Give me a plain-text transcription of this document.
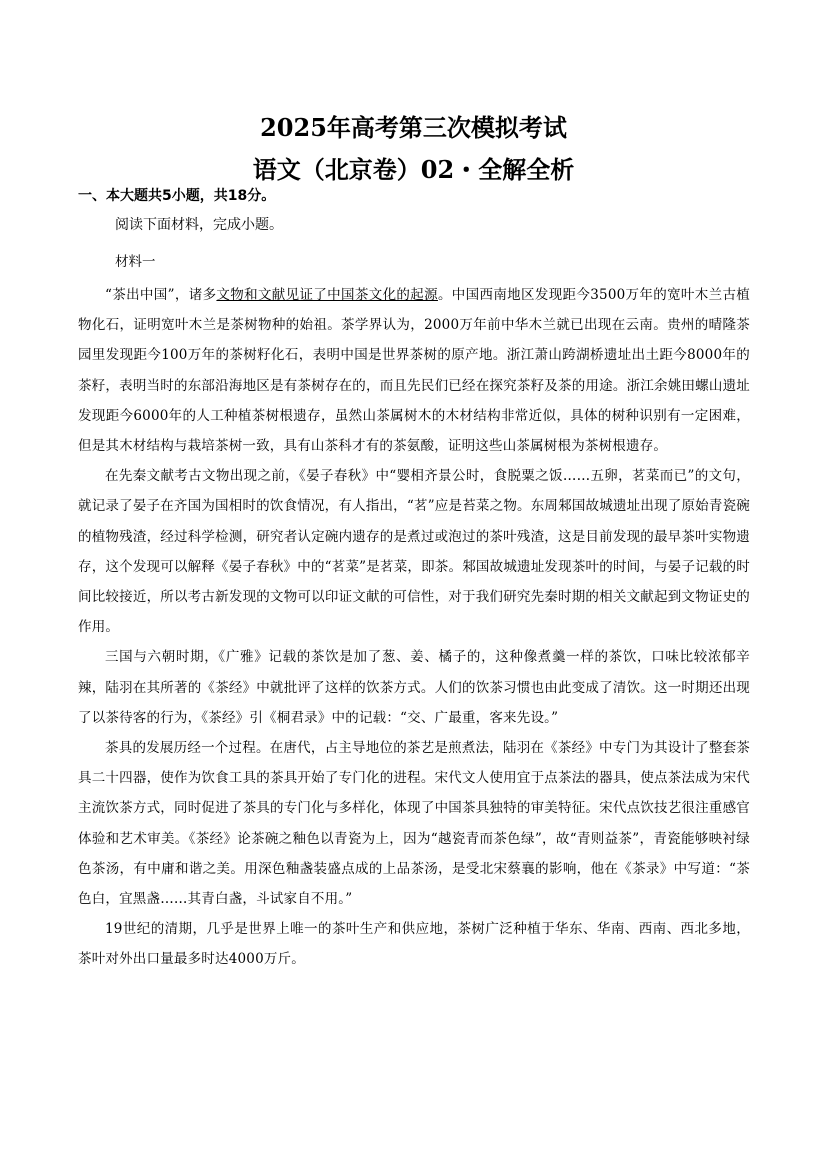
2025年高考第三次模拟考试
语文（北京卷）02・全解全析
一、本大题共5小题，共18分。
阅读下面材料，完成小题。
材料一

“茶出中国”，诸多文物和文献见证了中国茶文化的起源。中国西南地区发现距今3500万年的宽叶木兰古植物化石，证明宽叶木兰是茶树物种的始祖。茶学界认为，2000万年前中华木兰就已出现在云南。贵州的晴隆茶园里发现距今100万年的茶树籽化石，表明中国是世界茶树的原产地。浙江萧山跨湖桥遗址出土距今8000年的茶籽，表明当时的东部沿海地区是有茶树存在的，而且先民们已经在探究茶籽及茶的用途。浙江余姚田螺山遗址发现距今6000年的人工种植茶树根遗存，虽然山茶属树木的木材结构非常近似，具体的树种识别有一定困难，但是其木材结构与栽培茶树一致，具有山茶科才有的茶氨酸，证明这些山茶属树根为茶树根遗存。

在先秦文献考古文物出现之前，《晏子春秋》中“婴相齐景公时，食脱粟之饭……五卵，茗菜而已”的文句，就记录了晏子在齐国为国相时的饮食情况，有人指出，“茗”应是苔菜之物。东周邾国故城遗址出现了原始青瓷碗的植物残渣，经过科学检测，研究者认定碗内遗存的是煮过或泡过的茶叶残渣，这是目前发现的最早茶叶实物遗存，这个发现可以解释《晏子春秋》中的“茗菜”是茗菜，即茶。邾国故城遗址发现茶叶的时间，与晏子记载的时间比较接近，所以考古新发现的文物可以印证文献的可信性，对于我们研究先秦时期的相关文献起到文物证史的作用。

三国与六朝时期，《广雅》记载的茶饮是加了葱、姜、橘子的，这种像煮羹一样的茶饮，口味比较浓郁辛辣，陆羽在其所著的《茶经》中就批评了这样的饮茶方式。人们的饮茶习惯也由此变成了清饮。这一时期还出现了以茶待客的行为，《茶经》引《桐君录》中的记载：“交、广最重，客来先设。”

茶具的发展历经一个过程。在唐代，占主导地位的茶艺是煎煮法，陆羽在《茶经》中专门为其设计了整套茶具二十四器，使作为饮食工具的茶具开始了专门化的进程。宋代文人使用宜于点茶法的器具，使点茶法成为宋代主流饮茶方式，同时促进了茶具的专门化与多样化，体现了中国茶具独特的审美特征。宋代点饮技艺很注重感官体验和艺术审美。《茶经》论茶碗之釉色以青瓷为上，因为“越瓷青而茶色绿”，故“青则益茶”，青瓷能够映衬绿色茶汤，有中庸和谐之美。用深色釉盏装盛点成的上品茶汤，是受北宋蔡襄的影响，他在《茶录》中写道：“茶色白，宜黑盏……其青白盏，斗试家自不用。”

19世纪的清期，几乎是世界上唯一的茶叶生产和供应地，茶树广泛种植于华东、华南、西南、西北多地，茶叶对外出口量最多时达4000万斤。
